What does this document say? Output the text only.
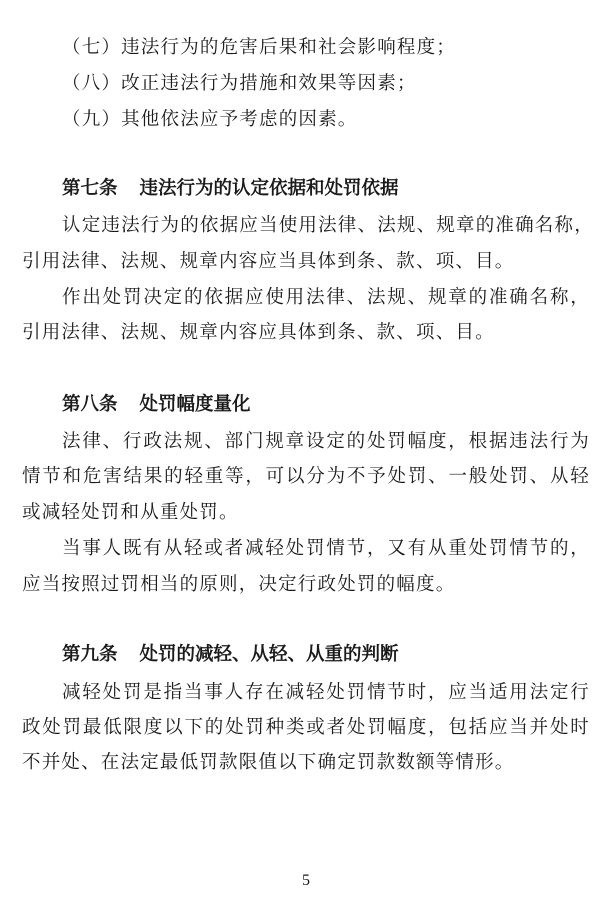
（七）违法行为的危害后果和社会影响程度；
（八）改正违法行为措施和效果等因素；
（九）其他依法应予考虑的因素。
第七条 违法行为的认定依据和处罚依据
认定违法行为的依据应当使用法律、法规、规章的准确名称，
引用法律、法规、规章内容应当具体到条、款、项、目。
作出处罚决定的依据应使用法律、法规、规章的准确名称，
引用法律、法规、规章内容应具体到条、款、项、目。
第八条 处罚幅度量化
法律、行政法规、部门规章设定的处罚幅度，根据违法行为
情节和危害结果的轻重等，可以分为不予处罚、一般处罚、从轻
或减轻处罚和从重处罚。
当事人既有从轻或者减轻处罚情节，又有从重处罚情节的，
应当按照过罚相当的原则，决定行政处罚的幅度。
第九条 处罚的减轻、从轻、从重的判断
减轻处罚是指当事人存在减轻处罚情节时，应当适用法定行
政处罚最低限度以下的处罚种类或者处罚幅度，包括应当并处时
不并处、在法定最低罚款限值以下确定罚款数额等情形。
5
